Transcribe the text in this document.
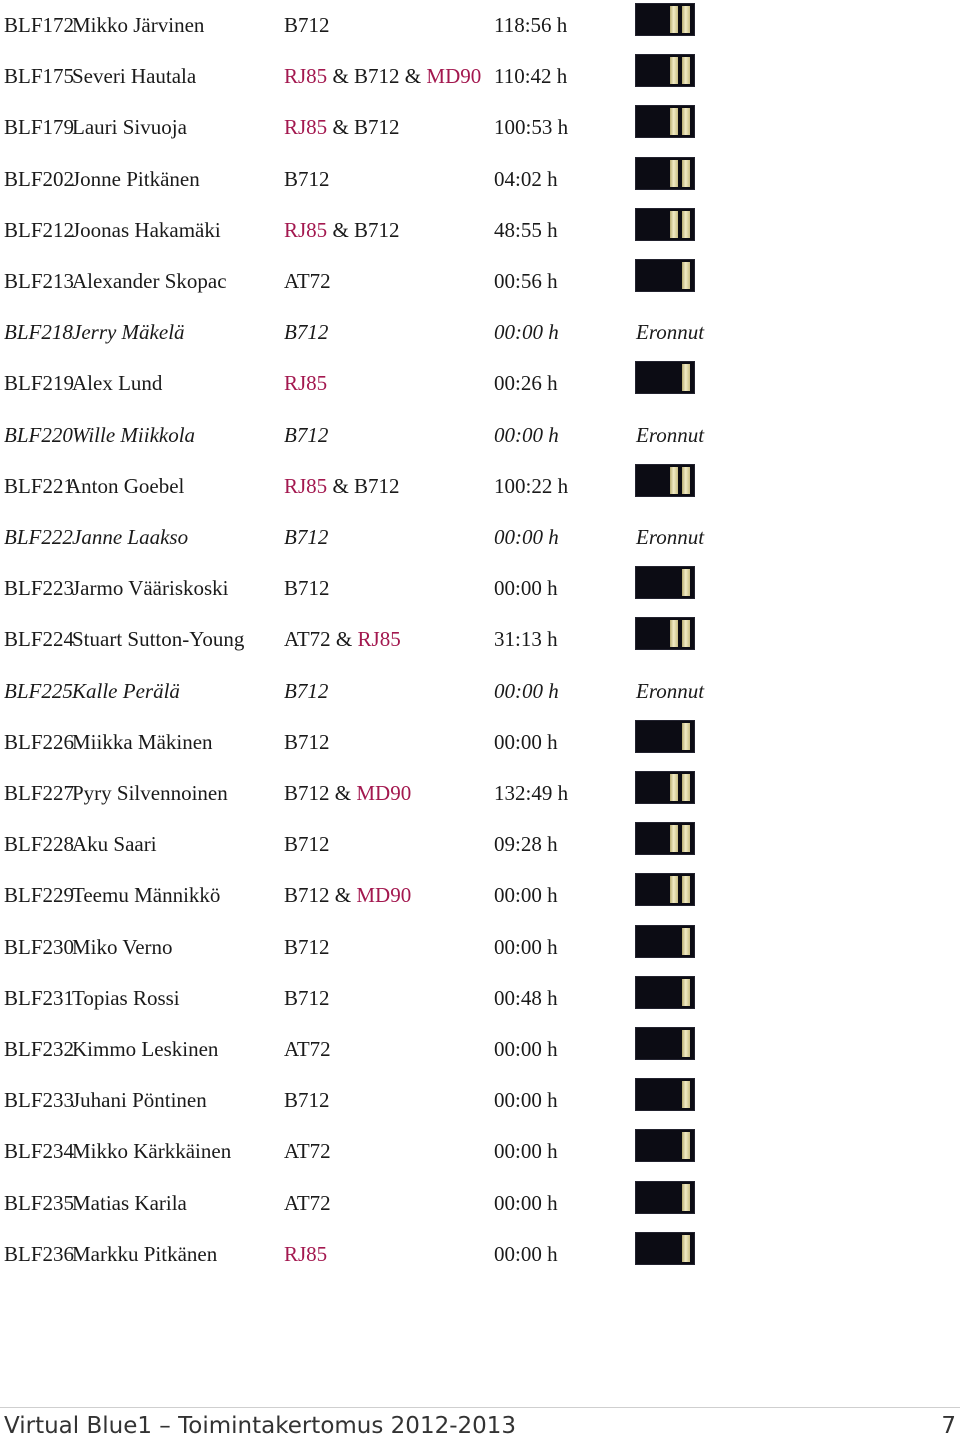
BLF172
Mikko Järvinen	B712	118:56 h
BLF175
Severi Hautala	RJ85 & B712 & MD90 110:42 h
BLF179
Lauri Sivuoja	RJ85 & B712	100:53 h
BLF202
Jonne Pitkänen	B712	04:02 h
BLF212
Joonas Hakamäki	RJ85 & B712	48:55 h
BLF213
Alexander Skopac	AT72	00:56 h
BLF218 Jerry Mäkelä	B712	00:00 h	Eronnut
BLF219
Alex Lund	RJ85	00:26 h
BLF220 Wille Miikkola	B712	00:00 h	Eronnut
BLF221
Anton Goebel	RJ85 & B712	100:22 h
BLF222 Janne Laakso	B712	00:00 h	Eronnut
BLF223
Jarmo Vääriskoski	B712	00:00 h
BLF224
Stuart Sutton-Young AT72 & RJ85	31:13 h
BLF225 Kalle Perälä	B712	00:00 h	Eronnut
BLF226
Miikka Mäkinen	B712	00:00 h
BLF227
Pyry Silvennoinen	B712 & MD90	132:49 h
BLF228
Aku Saari	B712	09:28 h
BLF229
Teemu Männikkö	B712 & MD90	00:00 h
BLF230
Miko Verno	B712	00:00 h
BLF231
Topias Rossi	B712	00:48 h
BLF232
Kimmo Leskinen	AT72	00:00 h
BLF233
Juhani Pöntinen	B712	00:00 h
BLF234
Mikko Kärkkäinen	AT72	00:00 h
BLF235
Matias Karila	AT72	00:00 h
BLF236
Markku Pitkänen	RJ85	00:00 h
Virtual Blue1 – Toimintakertomus 2012-2013	7
